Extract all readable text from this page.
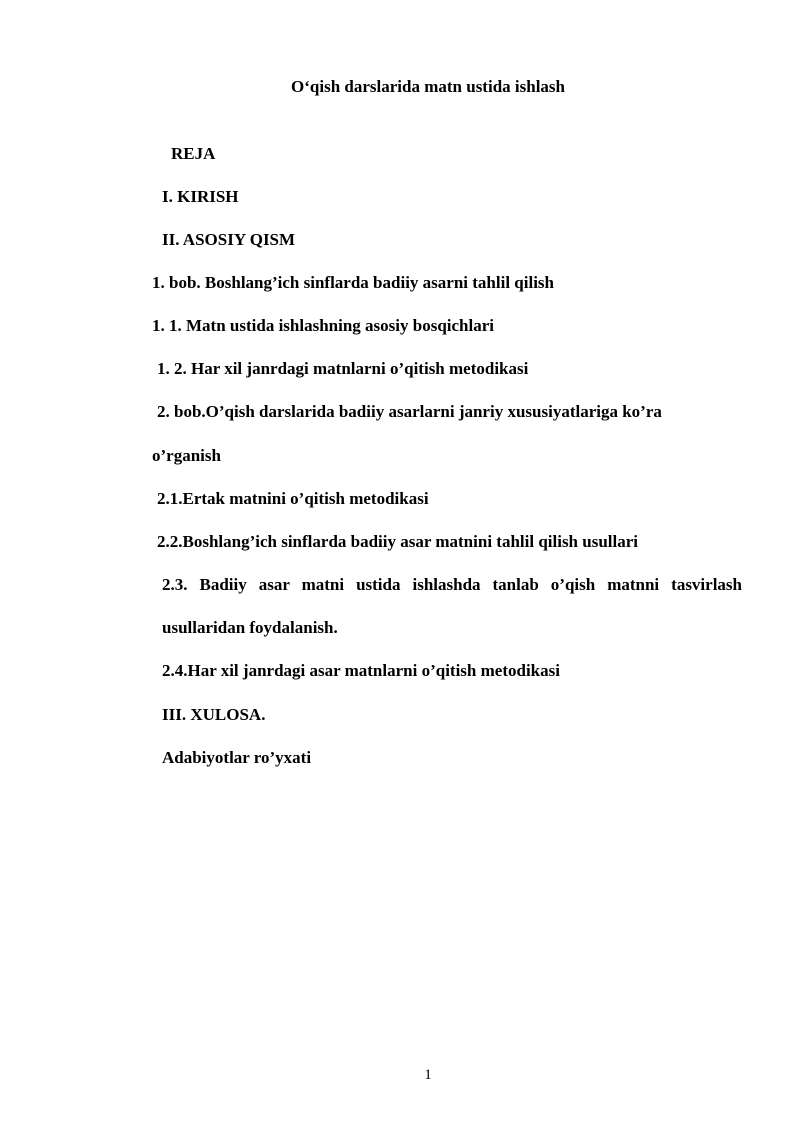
O‘qish darslarida matn ustida ishlash
REJA
I. KIRISH
II. ASOSIY QISM
1. bob. Boshlang’ich sinflarda badiiy asarni tahlil qilish
1. 1. Matn ustida ishlashning asosiy bosqichlari
1. 2. Har xil janrdagi matnlarni o’qitish metodikasi
2. bob.O’qish darslarida badiiy asarlarni janriy xususiyatlariga ko’ra
o’rganish
2.1.Ertak matnini o’qitish metodikasi
2.2.Boshlang’ich sinflarda badiiy asar matnini tahlil qilish usullari
2.3. Badiiy asar matni ustida ishlashda tanlab o’qish matnni tasvirlash
usullaridan foydalanish.
2.4.Har xil janrdagi asar matnlarni o’qitish metodikasi
III. XULOSA.
Adabiyotlar ro’yxati
1
